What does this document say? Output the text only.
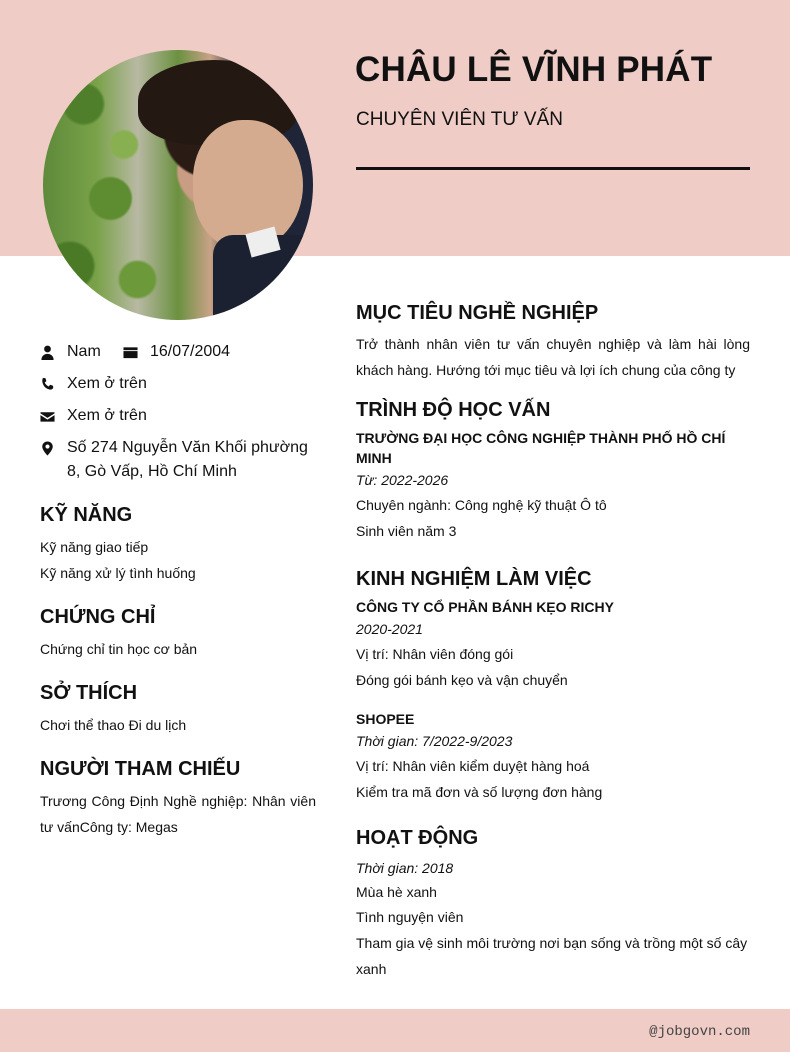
CHÂU LÊ VĨNH PHÁT
CHUYÊN VIÊN TƯ VẤN
Nam	16/07/2004
Xem ở trên
Xem ở trên
Số 274 Nguyễn Văn Khối phường 8, Gò Vấp, Hồ Chí Minh
KỸ NĂNG
Kỹ năng giao tiếp
Kỹ năng xử lý tình huống
CHỨNG CHỈ
Chứng chỉ tin học cơ bản
SỞ THÍCH
Chơi thể thao Đi du lịch
NGƯỜI THAM CHIẾU
Trương Công Định Nghề nghiệp: Nhân viên tư vấnCông ty: Megas
MỤC TIÊU NGHỀ NGHIỆP
Trở thành nhân viên tư vấn chuyên nghiệp và làm hài lòng khách hàng. Hướng tới mục tiêu và lợi ích chung của công ty
TRÌNH ĐỘ HỌC VẤN
TRƯỜNG ĐẠI HỌC CÔNG NGHIỆP THÀNH PHỐ HỒ CHÍ MINH
Từ: 2022-2026
Chuyên ngành: Công nghệ kỹ thuật Ô tô
Sinh viên năm 3
KINH NGHIỆM LÀM VIỆC
CÔNG TY CỔ PHẦN BÁNH KẸO RICHY
2020-2021
Vị trí: Nhân viên đóng gói
Đóng gói bánh kẹo và vận chuyển
SHOPEE
Thời gian: 7/2022-9/2023
Vị trí: Nhân viên kiểm duyệt hàng hoá
Kiểm tra mã đơn và số lượng đơn hàng
HOẠT ĐỘNG
Thời gian: 2018
Mùa hè xanh
Tình nguyện viên
Tham gia vệ sinh môi trường nơi bạn sống và trồng một số cây xanh
@jobgovn.com
